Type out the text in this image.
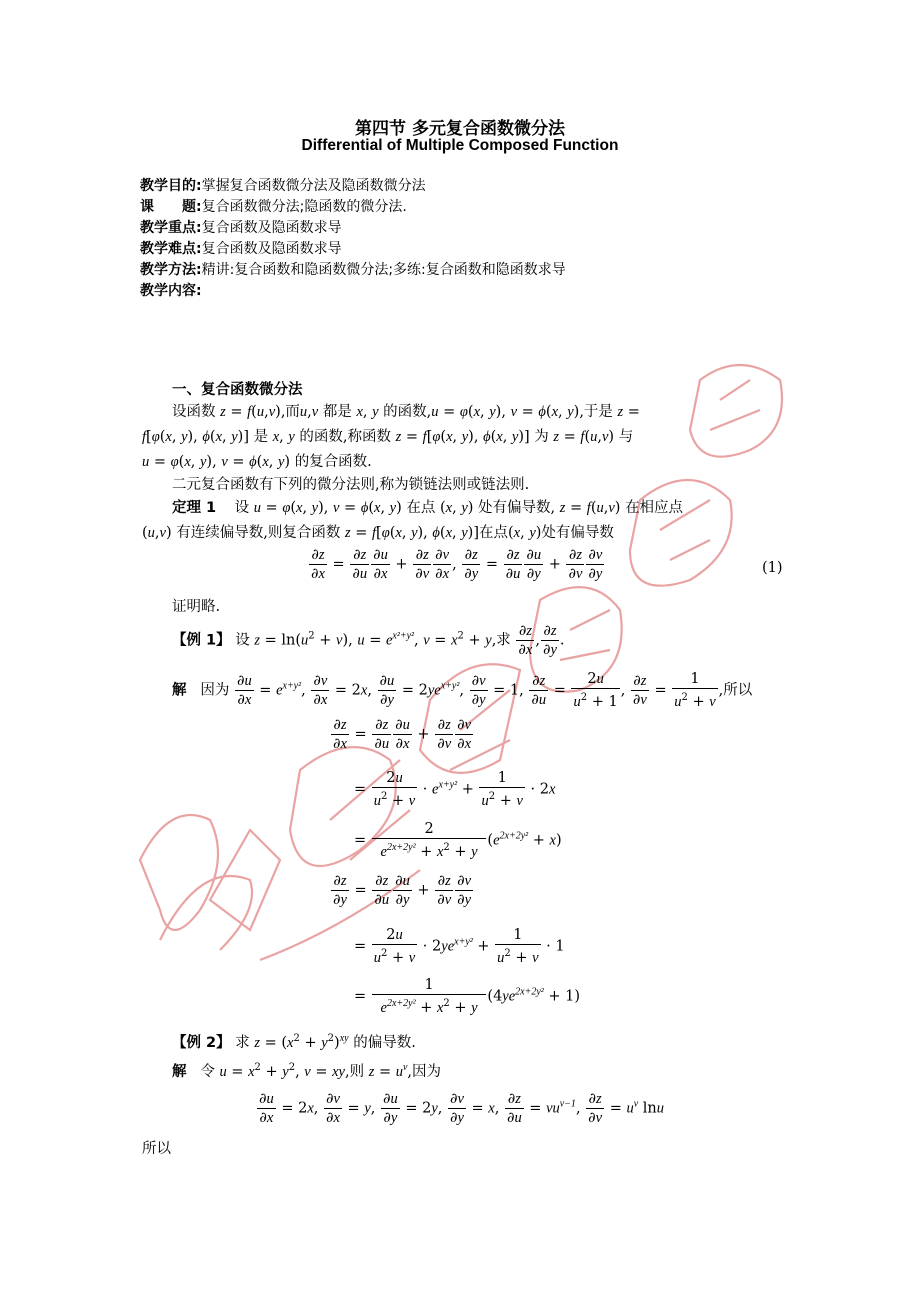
第四节 多元复合函数微分法
Differential of Multiple Composed Function
教学目的:掌握复合函数微分法及隐函数微分法
课　　题:复合函数微分法;隐函数的微分法.
教学重点:复合函数及隐函数求导
教学难点:复合函数及隐函数求导
教学方法:精讲:复合函数和隐函数微分法;多练:复合函数和隐函数求导
教学内容:
一、复合函数微分法
设函数 z = f(u,v),而u,v 都是 x, y 的函数,u = φ(x, y), v = ϕ(x, y),于是 z =
f[φ(x, y), ϕ(x, y)] 是 x, y 的函数,称函数 z = f[φ(x, y), ϕ(x, y)] 为 z = f(u,v) 与
u = φ(x, y), v = ϕ(x, y) 的复合函数.
二元复合函数有下列的微分法则,称为锁链法则或链法则.
定理 1 设 u = φ(x, y), v = ϕ(x, y) 在点 (x, y) 处有偏导数, z = f(u,v) 在相应点
(u,v) 有连续偏导数,则复合函数 z = f[φ(x, y), ϕ(x, y)]在点(x, y)处有偏导数
$\frac{\partial z}{\partial x} = \frac{\partial z}{\partial u} \frac{\partial u}{\partial x} + \frac{\partial z}{\partial v} \frac{\partial v}{\partial x}$ , $\frac{\partial z}{\partial y} = \frac{\partial z}{\partial u} \frac{\partial u}{\partial y} + \frac{\partial z}{\partial v} \frac{\partial v}{\partial y}$	(1)
证明略.
【例 1】 设 $z = \ln(u^2 + v)$, $u = e^{x^2+y^2}$, $v = x^2 + y$,求 $\frac{\partial z}{\partial x}$ , $\frac{\partial z}{\partial y}$ .
解 因为 $\frac{\partial u}{\partial x} = e^{x+y^2}$, $\frac{\partial v}{\partial x} = 2x$, $\frac{\partial u}{\partial y} = 2ye^{x+y^2}$, $\frac{\partial v}{\partial y} = 1$, $\frac{\partial z}{\partial u} = \frac{2u}{u^2 + 1}$ , $\frac{\partial z}{\partial v} = \frac{1}{u^2 + v}$ ,所以
$\frac{\partial z}{\partial x} = \frac{\partial z}{\partial u} \frac{\partial u}{\partial x} + \frac{\partial z}{\partial v} \frac{\partial v}{\partial x}$
= $\frac{2u}{u^2 + v} \cdot e^{x+y^2} + \frac{1}{u^2 + v} \cdot 2x$
= $\frac{2}{e^{2x+2y^2} + x^2 + y} (e^{2x+2y^2} + x)$
$\frac{\partial z}{\partial y} = \frac{\partial z}{\partial u} \frac{\partial u}{\partial y} + \frac{\partial z}{\partial v} \frac{\partial v}{\partial y}$
= $\frac{2u}{u^2 + v} \cdot 2ye^{x+y^2} + \frac{1}{u^2 + v} \cdot 1$
= $\frac{1}{e^{2x+2y^2} + x^2 + y} (4ye^{2x+2y^2} + 1)$
【例 2】 求 $z = (x^2 + y^2)^{xy}$ 的偏导数.
解 令 $u = x^2 + y^2$, v = xy,则 $z = u^v$,因为
$\frac{\partial u}{\partial x} = 2x$, $\frac{\partial v}{\partial x} = y$, $\frac{\partial u}{\partial y} = 2y$, $\frac{\partial v}{\partial y} = x$, $\frac{\partial z}{\partial u} = vu^{v-1}$, $\frac{\partial z}{\partial v} = u^v$ lnu
所以
